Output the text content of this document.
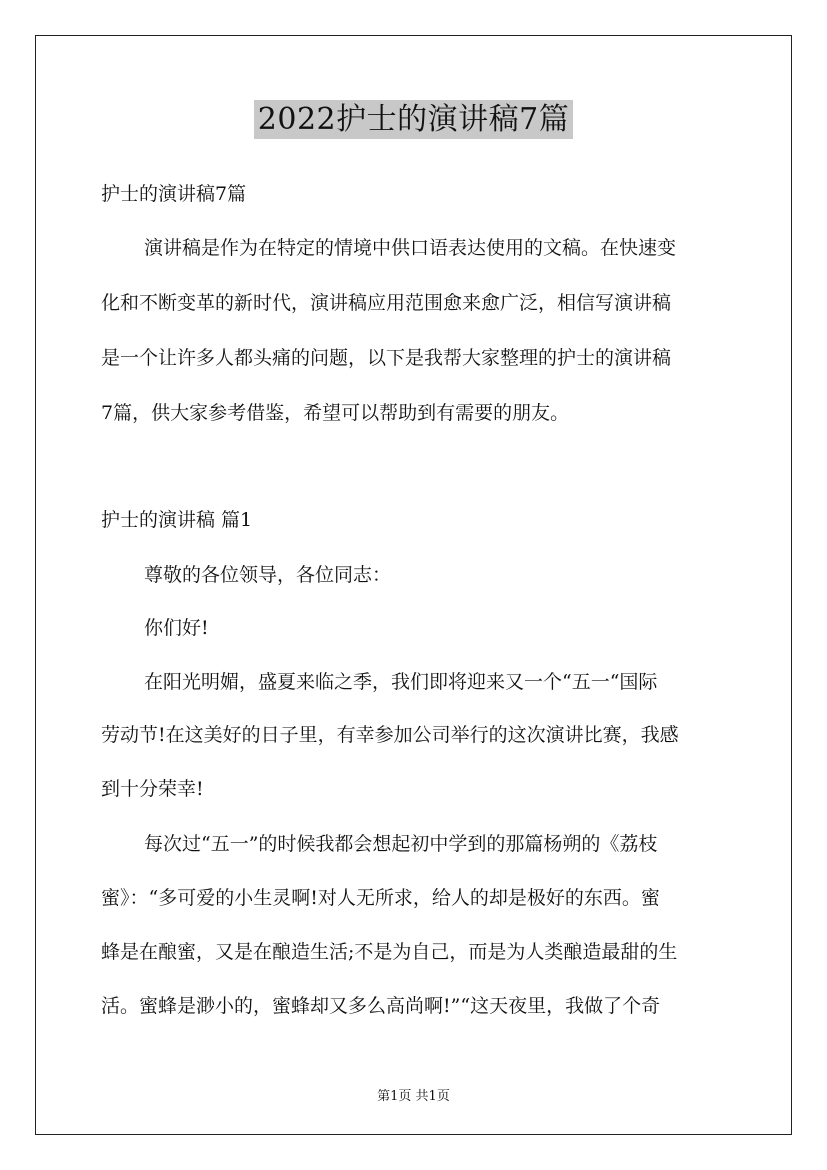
2022护士的演讲稿7篇
护士的演讲稿7篇
演讲稿是作为在特定的情境中供口语表达使用的文稿。在快速变
化和不断变革的新时代，演讲稿应用范围愈来愈广泛，相信写演讲稿
是一个让许多人都头痛的问题，以下是我帮大家整理的护士的演讲稿
7篇，供大家参考借鉴，希望可以帮助到有需要的朋友。
护士的演讲稿 篇1
尊敬的各位领导，各位同志：
你们好!
在阳光明媚，盛夏来临之季，我们即将迎来又一个“五一“国际
劳动节!在这美好的日子里，有幸参加公司举行的这次演讲比赛，我感
到十分荣幸!
每次过“五一”的时候我都会想起初中学到的那篇杨朔的《荔枝
蜜》：“多可爱的小生灵啊!对人无所求，给人的却是极好的东西。蜜
蜂是在酿蜜，又是在酿造生活;不是为自己，而是为人类酿造最甜的生
活。蜜蜂是渺小的，蜜蜂却又多么高尚啊!”“这天夜里，我做了个奇
第1页 共1页
